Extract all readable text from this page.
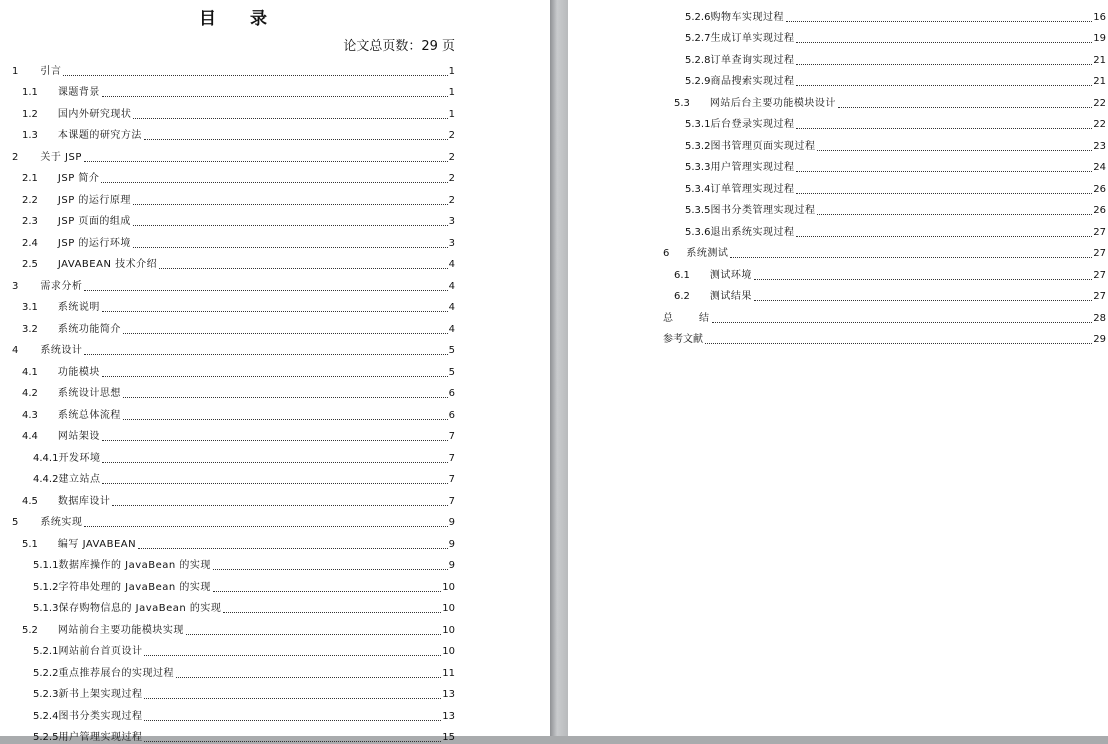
目 录
论文总页数：29 页
1 引言	1
1.1 课题背景	1
1.2 国内外研究现状	1
1.3 本课题的研究方法	2
2 关于 JSP	2
2.1 JSP 简介	2
2.2 JSP 的运行原理	2
2.3 JSP 页面的组成	3
2.4 JSP 的运行环境	3
2.5 JAVABEAN 技术介绍	4
3 需求分析	4
3.1 系统说明	4
3.2 系统功能简介	4
4 系统设计	5
4.1 功能模块	5
4.2 系统设计思想	6
4.3 系统总体流程	6
4.4 网站架设	7
4.4.1 开发环境	7
4.4.2 建立站点	7
4.5 数据库设计	7
5 系统实现	9
5.1 编写 JAVABEAN	9
5.1.1 数据库操作的 JavaBean 的实现	9
5.1.2 字符串处理的 JavaBean 的实现	10
5.1.3 保存购物信息的 JavaBean 的实现	10
5.2 网站前台主要功能模块实现	10
5.2.1 网站前台首页设计	10
5.2.2 重点推荐展台的实现过程	11
5.2.3 新书上架实现过程	13
5.2.4 图书分类实现过程	13
5.2.5 用户管理实现过程	15
5.2.6 购物车实现过程	16
5.2.7 生成订单实现过程	19
5.2.8 订单查询实现过程	21
5.2.9 商品搜索实现过程	21
5.3 网站后台主要功能模块设计	22
5.3.1 后台登录实现过程	22
5.3.2 图书管理页面实现过程	23
5.3.3 用户管理实现过程	24
5.3.4 订单管理实现过程	26
5.3.5 图书分类管理实现过程	26
5.3.6 退出系统实现过程	27
6 系统测试	27
6.1 测试环境	27
6.2 测试结果	27
总	结	28
参考文献	29
